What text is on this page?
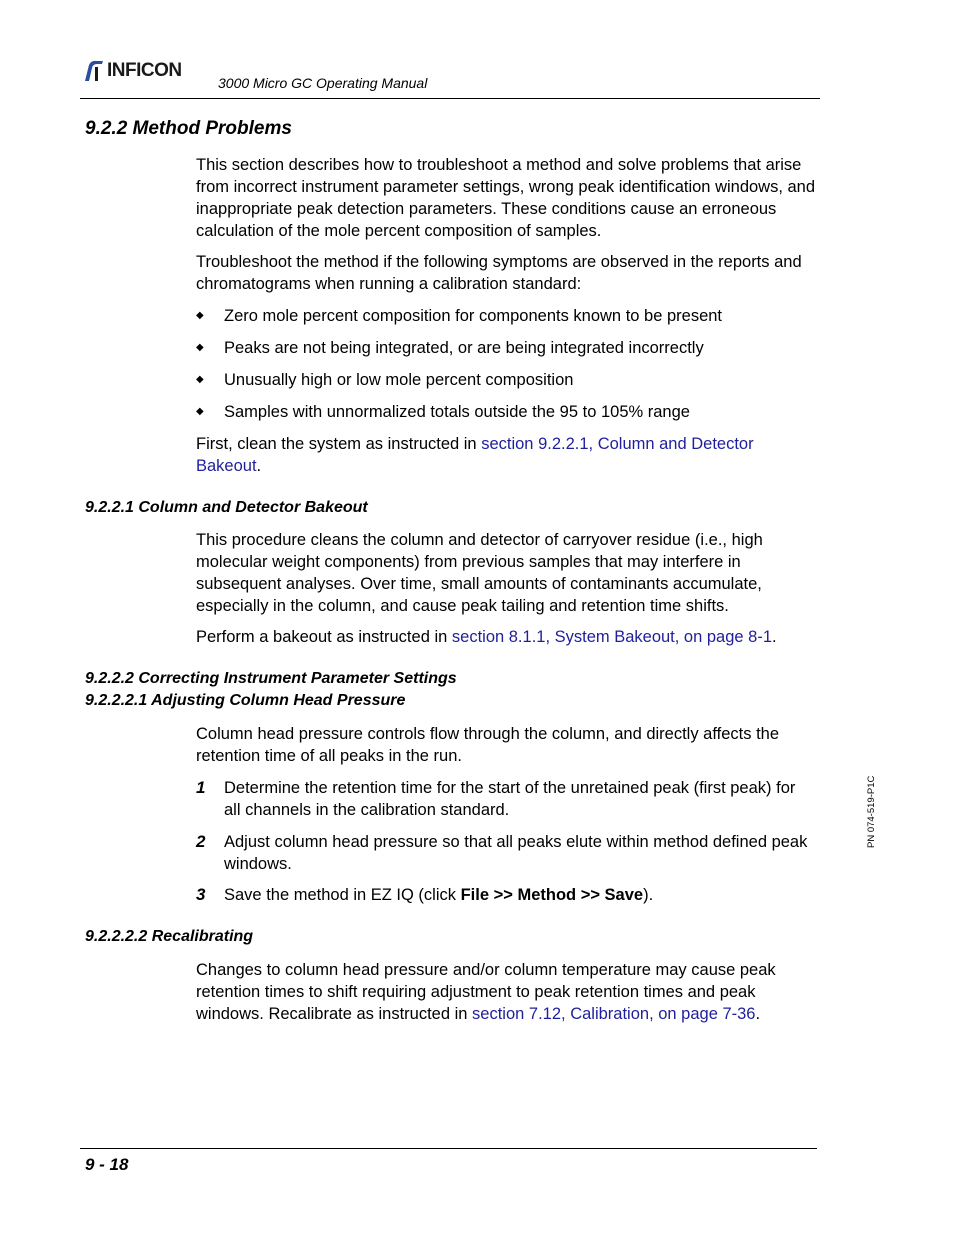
INFICON
3000 Micro GC Operating Manual
9.2.2 Method Problems

This section describes how to troubleshoot a method and solve problems that arise from incorrect instrument parameter settings, wrong peak identification windows, and inappropriate peak detection parameters. These conditions cause an erroneous calculation of the mole percent composition of samples.

Troubleshoot the method if the following symptoms are observed in the reports and chromatograms when running a calibration standard:

◆	Zero mole percent composition for components known to be present
◆	Peaks are not being integrated, or are being integrated incorrectly
◆	Unusually high or low mole percent composition
◆	Samples with unnormalized totals outside the 95 to 105% range

First, clean the system as instructed in section 9.2.2.1, Column and Detector Bakeout.

9.2.2.1 Column and Detector Bakeout

This procedure cleans the column and detector of carryover residue (i.e., high molecular weight components) from previous samples that may interfere in subsequent analyses. Over time, small amounts of contaminants accumulate, especially in the column, and cause peak tailing and retention time shifts.

Perform a bakeout as instructed in section 8.1.1, System Bakeout, on page 8-1.

9.2.2.2 Correcting Instrument Parameter Settings
9.2.2.2.1 Adjusting Column Head Pressure

Column head pressure controls flow through the column, and directly affects the retention time of all peaks in the run.

1	Determine the retention time for the start of the unretained peak (first peak) for all channels in the calibration standard.
2	Adjust column head pressure so that all peaks elute within method defined peak windows.
3	Save the method in EZ IQ (click File >> Method >> Save).
9.2.2.2.2 Recalibrating

Changes to column head pressure and/or column temperature may cause peak retention times to shift requiring adjustment to peak retention times and peak windows. Recalibrate as instructed in section 7.12, Calibration, on page 7-36.

PN 074-519-P1C
9 - 18
